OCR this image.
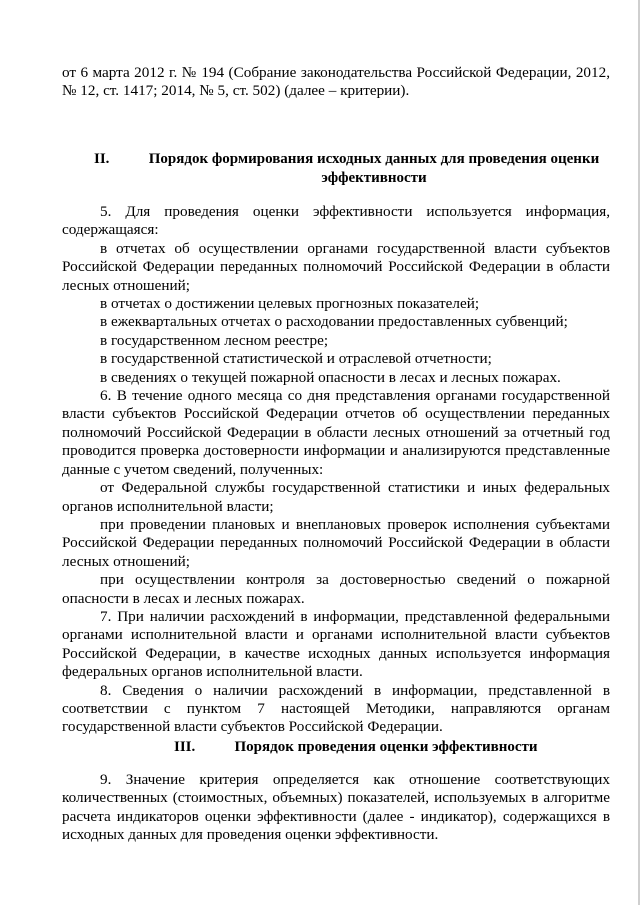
от 6 марта 2012 г. № 194 (Собрание законодательства Российской Федерации, 2012, № 12, ст. 1417; 2014, № 5, ст. 502) (далее – критерии).

II.	Порядок формирования исходных данных для проведения оценки эффективности

5. Для проведения оценки эффективности используется информация, содержащаяся:

в отчетах об осуществлении органами государственной власти субъектов Российской Федерации переданных полномочий Российской Федерации в области лесных отношений;

в отчетах о достижении целевых прогнозных показателей;

в ежеквартальных отчетах о расходовании предоставленных субвенций;

в государственном лесном реестре;

в государственной статистической и отраслевой отчетности;

в сведениях о текущей пожарной опасности в лесах и лесных пожарах.

6. В течение одного месяца со дня представления органами государственной власти субъектов Российской Федерации отчетов об осуществлении переданных полномочий Российской Федерации в области лесных отношений за отчетный год проводится проверка достоверности информации и анализируются представленные данные с учетом сведений, полученных:

от Федеральной службы государственной статистики и иных федеральных органов исполнительной власти;

при проведении плановых и внеплановых проверок исполнения субъектами Российской Федерации переданных полномочий Российской Федерации в области лесных отношений;

при осуществлении контроля за достоверностью сведений о пожарной опасности в лесах и лесных пожарах.

7. При наличии расхождений в информации, представленной федеральными органами исполнительной власти и органами исполнительной власти субъектов Российской Федерации, в качестве исходных данных используется информация федеральных органов исполнительной власти.

8. Сведения о наличии расхождений в информации, представленной в соответствии с пунктом 7 настоящей Методики, направляются органам государственной власти субъектов Российской Федерации.

III.	Порядок проведения оценки эффективности

9. Значение критерия определяется как отношение соответствующих количественных (стоимостных, объемных) показателей, используемых в алгоритме расчета индикаторов оценки эффективности (далее - индикатор), содержащихся в исходных данных для проведения оценки эффективности.
